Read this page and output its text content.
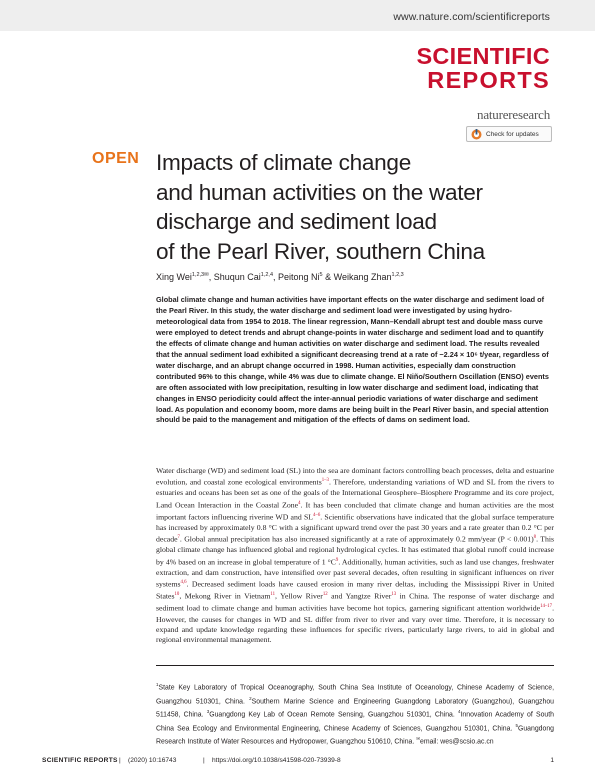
www.nature.com/scientificreports
SCIENTIFIC
REPORTS
natureresearch
Check for updates
OPEN Impacts of climate change
and human activities on the water
discharge and sediment load
of the Pearl River, southern China
Xing Wei$^{1,2,3✉}$, Shuqun Cai$^{1,2,4}$, Peitong Ni$^5$ & Weikang Zhan$^{1,2,3}$

Global climate change and human activities have important effects on the water discharge and sediment load of the Pearl River. In this study, the water discharge and sediment load were investigated by using hydro-meteorological data from 1954 to 2018. The linear regression, Mann–Kendall abrupt test and double mass curve were employed to detect trends and abrupt change-points in water discharge and sediment load and to quantify the effects of climate change and human activities on water discharge and sediment load. The results revealed that the annual sediment load exhibited a significant decreasing trend at a rate of −2.24 × 10⁶ t/year, regardless of water discharge, and an abrupt change occurred in 1998. Human activities, especially dam construction contributed 96% to this change, while 4% was due to climate change. El Niño/Southern Oscillation (ENSO) events are often associated with low precipitation, resulting in low water discharge and sediment load, indicating that changes in ENSO periodicity could affect the inter-annual periodic variations of water discharge and sediment load. As population and economy boom, more dams are being built in the Pearl River basin, and special attention should be paid to the management and mitigation of the effects of dams on sediment load.

Water discharge (WD) and sediment load (SL) into the sea are dominant factors controlling beach processes, delta and estuarine evolution, and coastal zone ecological environments$^{1-3}$. Therefore, understanding variations of WD and SL from the rivers to estuaries and oceans has been set as one of the goals of the International Geosphere–Biosphere Programme and its core project, Land Ocean Interaction in the Coastal Zone$^4$. It has been concluded that climate change and human activities are the most important factors influencing riverine WD and SL$^{4-6}$. Scientific observations have indicated that the global surface temperature has increased by approximately 0.8 °C with a significant upward trend over the past 30 years and a rate greater than 0.2 °C per decade$^7$. Global annual precipitation has also increased significantly at a rate of approximately 0.2 mm/year (P < 0.001)$^8$. This global climate change has influenced global and regional hydrological cycles. It has estimated that global runoff could increase by 4% based on an increase in global temperature of 1 $^\circ C^9$. Additionally, human activities, such as land use changes, freshwater extraction, and dam construction, have intensified over past several decades, often resulting in significant influences on river systems$^{4,6}$. Decreased sediment loads have caused erosion in many river deltas, including the Mississippi River in United States$^{10}$, Mekong River in Vietnam$^{11}$, Yellow River$^{12}$ and Yangtze River$^{13}$ in China. The response of water discharge and sediment load to climate change and human activities have become hot topics, garnering significant attention worldwide$^{14-17}$. However, the causes for changes in WD and SL differ from river to river and vary over time. Therefore, it is necessary to expand and update knowledge regarding these influences for specific rivers, particularly large rivers, to aid in global and regional environmental management.

$^1$State Key Laboratory of Tropical Oceanography, South China Sea Institute of Oceanology, Chinese Academy of Science, Guangzhou 510301, China. $^2$Southern Marine Science and Engineering Guangdong Laboratory (Guangzhou), Guangzhou 511458, China. $^3$Guangdong Key Lab of Ocean Remote Sensing, Guangzhou 510301, China. $^4$Innovation Academy of South China Sea Ecology and Environmental Engineering, Chinese Academy of Sciences, Guangzhou 510301, China. $^5$Guangdong Research Institute of Water Resources and Hydropower, Guangzhou 510610, China. ✉email: wes@scsio.ac.cn

SCIENTIFIC REPORTS | (2020) 10:16743	| https://doi.org/10.1038/s41598-020-73939-8	1
